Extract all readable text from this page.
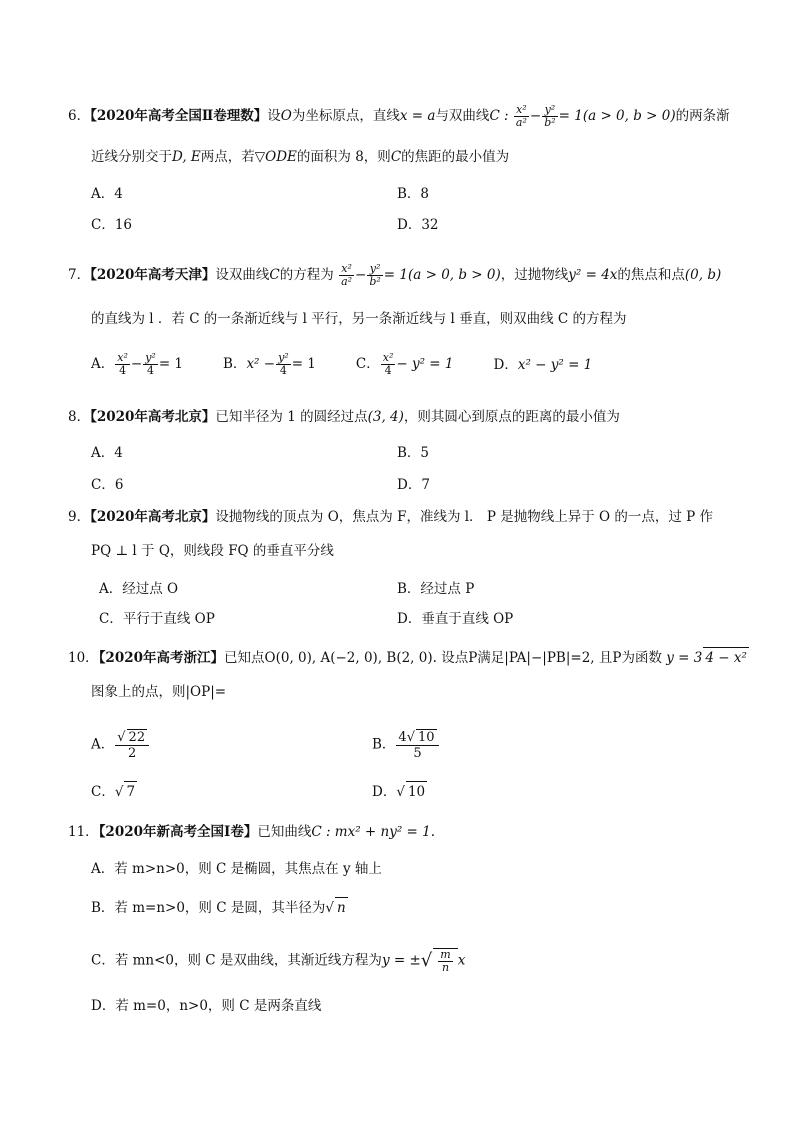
6．【2020年高考全国Ⅱ卷理数】设O为坐标原点，直线x = a与双曲线C : $\frac{\text{x²}}{\text{a²}} - \frac{\text{y²}}{\text{b²}} = 1(a > 0$, b > 0)的两条渐
近线分别交于D, E两点，若▽ODE的面积为 8，则C的焦距的最小值为
A．4	B．8
C．16	D．32
7．【2020年高考天津】设双曲线C的方程为 $\frac{\text{x²}}{\text{a²}} - \frac{\text{y²}}{\text{b²}} = 1(a > 0$, b > 0)，过抛物线y² = 4x的焦点和点(0, b)
的直线为 l ．若 C 的一条渐近线与 l 平行，另一条渐近线与 l 垂直，则双曲线 C 的方程为
A． $\frac{\text{x²}}{4} - \frac{\text{y²}}{4} = 1$	B．$x^2 - \frac{\text{y²}}{4} = 1$	C． $\frac{\text{x²}}{4} - y^2 = 1$	D．x² − y² = 1
8．【2020年高考北京】已知半径为 1 的圆经过点(3, 4)，则其圆心到原点的距离的最小值为
A．4	B．5
C．6	D．7
9．【2020年高考北京】设抛物线的顶点为 O，焦点为 F，准线为 l． P 是抛物线上异于 O 的一点，过 P 作
PQ ⊥ l 于 Q，则线段 FQ 的垂直平分线
A．经过点 O	B．经过点 P
C．平行于直线 OP	D．垂直于直线 OP
10．【2020年高考浙江】已知点O(0, 0), A(−2, 0), B(2, 0). 设点P满足|PA|−|PB|=2, 且P为函数 y = 3 4 − x²
图象上的点，则|OP|=
A． $\frac{√ 22}{2}$	B． $\frac{4√ 10}{5}$
C．√ 7	D．√ 10
11．【2020年新高考全国Ⅰ卷】已知曲线C : mx² + ny² = 1.
A．若 m>n>0，则 C 是椭圆，其焦点在 y 轴上
B．若 m=n>0，则 C 是圆，其半径为√ n
C．若 mn<0，则 C 是双曲线，其渐近线方程为y = ±√ m
n x
D．若 m=0，n>0，则 C 是两条直线
